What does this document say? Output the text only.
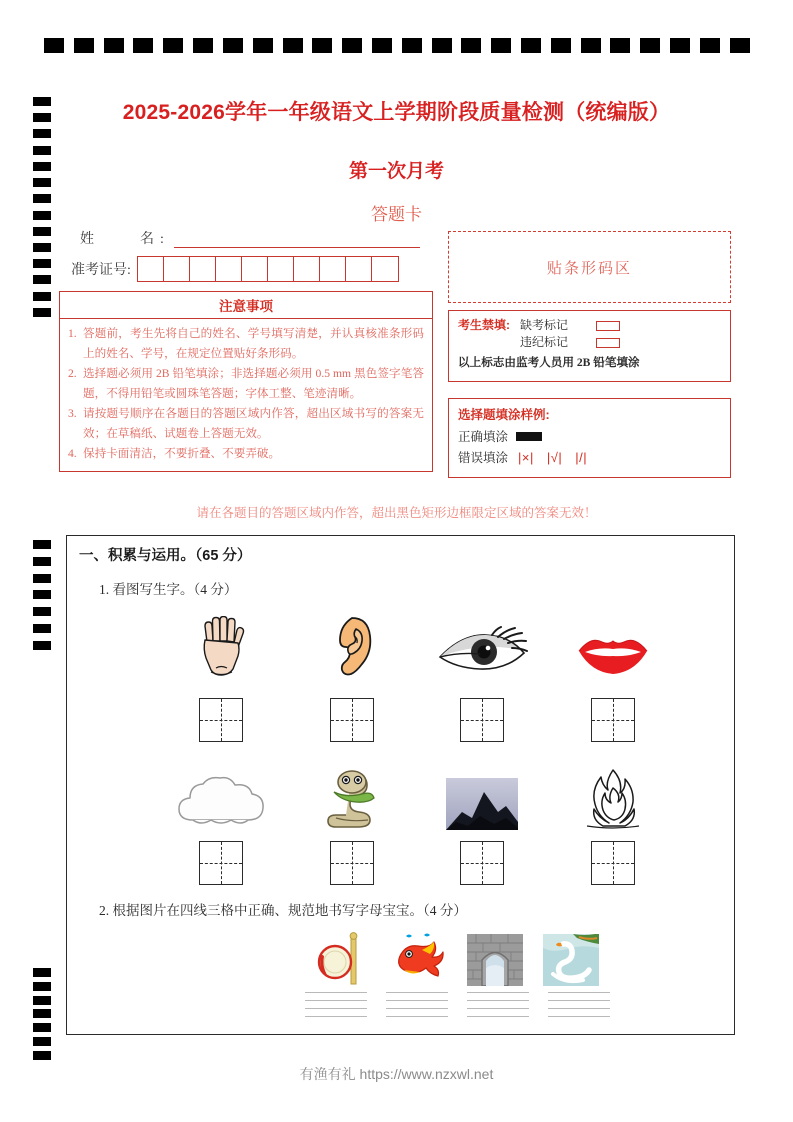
2025-2026学年一年级语文上学期阶段质量检测（统编版）
第一次月考
答题卡
姓　　名:
准考证号:
注意事项
1. 答题前，考生先将自己的姓名、学号填写清楚，并认真核准条形码上的姓名、学号，在规定位置贴好条形码。
2. 选择题必须用 2B 铅笔填涂；非选择题必须用 0.5 mm 黑色签字笔答题，不得用铅笔或圆珠笔答题；字体工整、笔迹清晰。
3. 请按题号顺序在各题目的答题区域内作答，超出区域书写的答案无效；在草稿纸、试题卷上答题无效。
4. 保持卡面清洁，不要折叠、不要弄破。
贴条形码区
考生禁填: 缺考标记
违纪标记
以上标志由监考人员用 2B 铅笔填涂
选择题填涂样例:
正确填涂
错误填涂 |×| |√| |/|
请在各题目的答题区域内作答，超出黑色矩形边框限定区域的答案无效！
一、积累与运用。（65 分）
1. 看图写生字。（4 分）
2. 根据图片在四线三格中正确、规范地书写字母宝宝。（4 分）
有渔有礼 https://www.nzxwl.net
